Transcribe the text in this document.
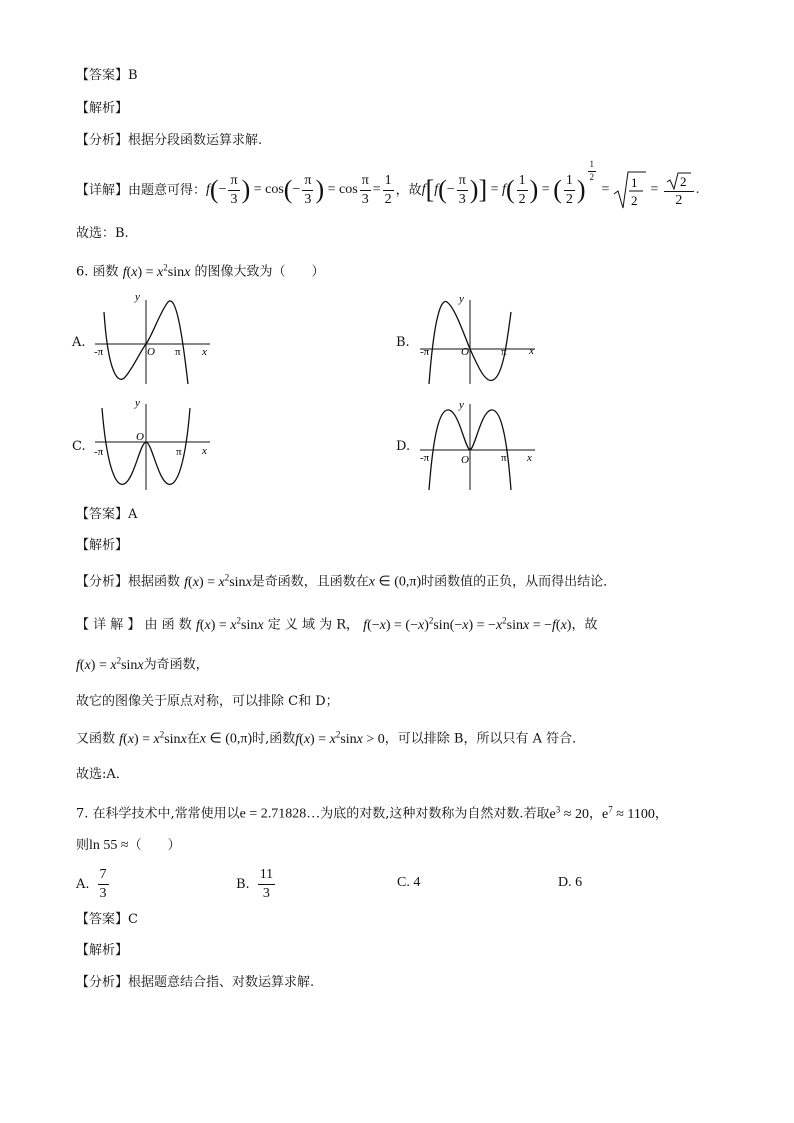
【答案】B
【解析】
【分析】根据分段函数运算求解.
【详解】由题意可得： $f(- \frac{\pi}{3}$ ) = $\cos(- \frac{\pi}{3}$ ) = $\cos \frac{\pi}{3} = \frac{1}{2}$ ，故 $f[f(- \frac{\pi}{3}$ )] = $f( \frac{1}{2}$ ) = ( $\frac{1}{2}$ )
$^{\frac{1}{2}}$
= 1
2
= $\frac{2}{2}$ .
故选：B.
6. 函数 $f(x) = x^2\sin x$ 的图像大致为（　　）
A.
y
x
O
-π	π
B.
y
x
O
-π	π
C.
y
x
O
-π	π	D.
y
x
O
-π	π
【答案】A
【解析】
【分析】根据函数 $f(x) = x^2\sin x$是奇函数，且函数在x ∈ (0,π)时函数值的正负，从而得出结论．
【 详 解 】 由 函 数 $f(x) = x^2\sin x$ 定 义 域 为 R， $f(-x) = (-x)^2\sin(-x) = -x^2\sin x = -f(x)$，故
$f(x) = x^2\sin x$为奇函数，
故它的图像关于原点对称，可以排除 C和 D；
又函数 $f(x) = x^2\sin x$在x ∈ (0,π)时,函数$f(x) = x^2\sin x > 0$，可以排除 B，所以只有 A 符合．
故选:A．
7. 在科学技术中,常常使用以e = 2.71828…为底的对数,这种对数称为自然对数.若取$e^3 \approx 20$，$e^7 \approx 1100$，
则ln 55 ≈（　　）
A. $\frac{7}{3}$	B. $\frac{11}{3}$	C. 4	D. 6
【答案】C
【解析】
【分析】根据题意结合指、对数运算求解.
